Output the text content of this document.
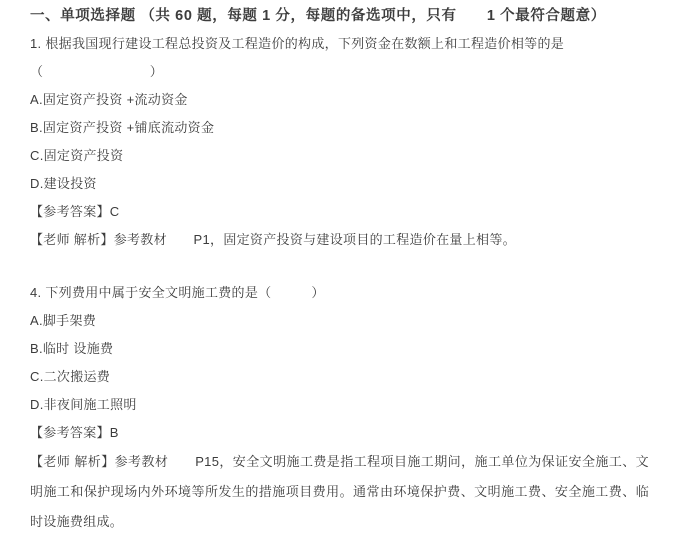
一、单项选择题 （共 60 题，每题 1 分，每题的备选项中，只有　　1 个最符合题意）

1. 根据我国现行建设工程总投资及工程造价的构成，下列资金在数额上和工程造价相等的是（　　　　　　　　）

A.固定资产投资 +流动资金

B.固定资产投资 +铺底流动资金

C.固定资产投资

D.建设投资

【参考答案】C

【老师 解析】参考教材　　P1，固定资产投资与建设项目的工程造价在量上相等。

4. 下列费用中属于安全文明施工费的是（　　　）

A.脚手架费

B.临时 设施费

C.二次搬运费

D.非夜间施工照明

【参考答案】B

【老师 解析】参考教材　　P15，安全文明施工费是指工程项目施工期问，施工单位为保证安全施工、文明施工和保护现场内外环境等所发生的措施项目费用。通常由环境保护费、文明施工费、安全施工费、临时设施费组成。
